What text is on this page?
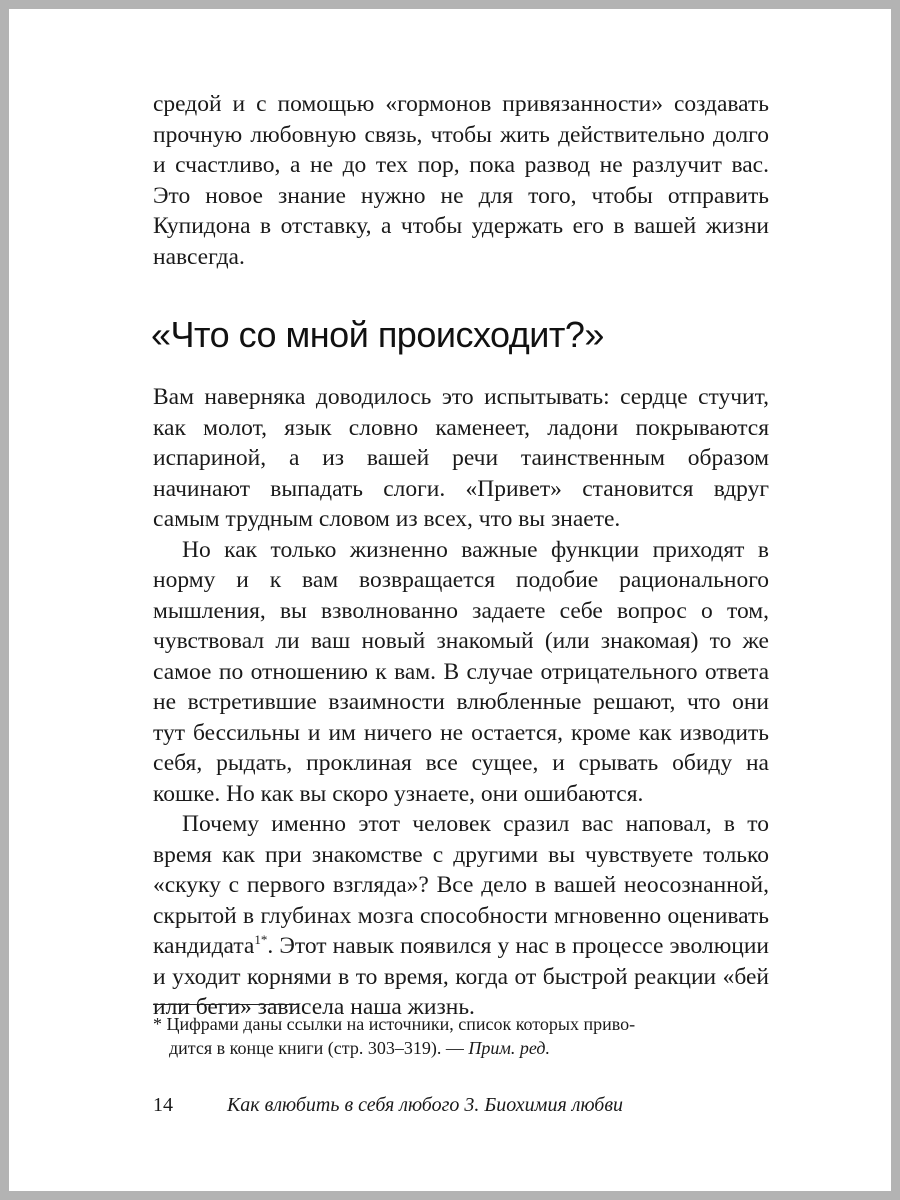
средой и с помощью «гормонов привязанности» создавать прочную любовную связь, чтобы жить действительно долго и счастливо, а не до тех пор, пока развод не разлучит вас. Это новое знание нужно не для того, чтобы отправить Купидона в отставку, а чтобы удержать его в вашей жизни навсегда.

«Что со мной происходит?»

Вам наверняка доводилось это испытывать: сердце стучит, как молот, язык словно каменеет, ладони покрываются испариной, а из вашей речи таинственным образом начинают выпадать слоги. «Привет» становится вдруг самым трудным словом из всех, что вы знаете.

Но как только жизненно важные функции приходят в норму и к вам возвращается подобие рационального мышления, вы взволнованно задаете себе вопрос о том, чувствовал ли ваш новый знакомый (или знакомая) то же самое по отношению к вам. В случае отрицательного ответа не встретившие взаимности влюбленные решают, что они тут бессильны и им ничего не остается, кроме как изводить себя, рыдать, проклиная все сущее, и срывать обиду на кошке. Но как вы скоро узнаете, они ошибаются.

Почему именно этот человек сразил вас наповал, в то время как при знакомстве с другими вы чувствуете только «скуку с первого взгляда»? Все дело в вашей неосознанной, скрытой в глубинах мозга способности мгновенно оценивать кандидата$^{1*}$. Этот навык появился у нас в процессе эволюции и уходит корнями в то время, когда от быстрой реакции «бей или беги» зависела наша жизнь.

* Цифрами даны ссылки на источники, список которых приво-
дится в конце книги (стр. 303–319). — Прим. ред.
14	Как влюбить в себя любого 3. Биохимия любви
